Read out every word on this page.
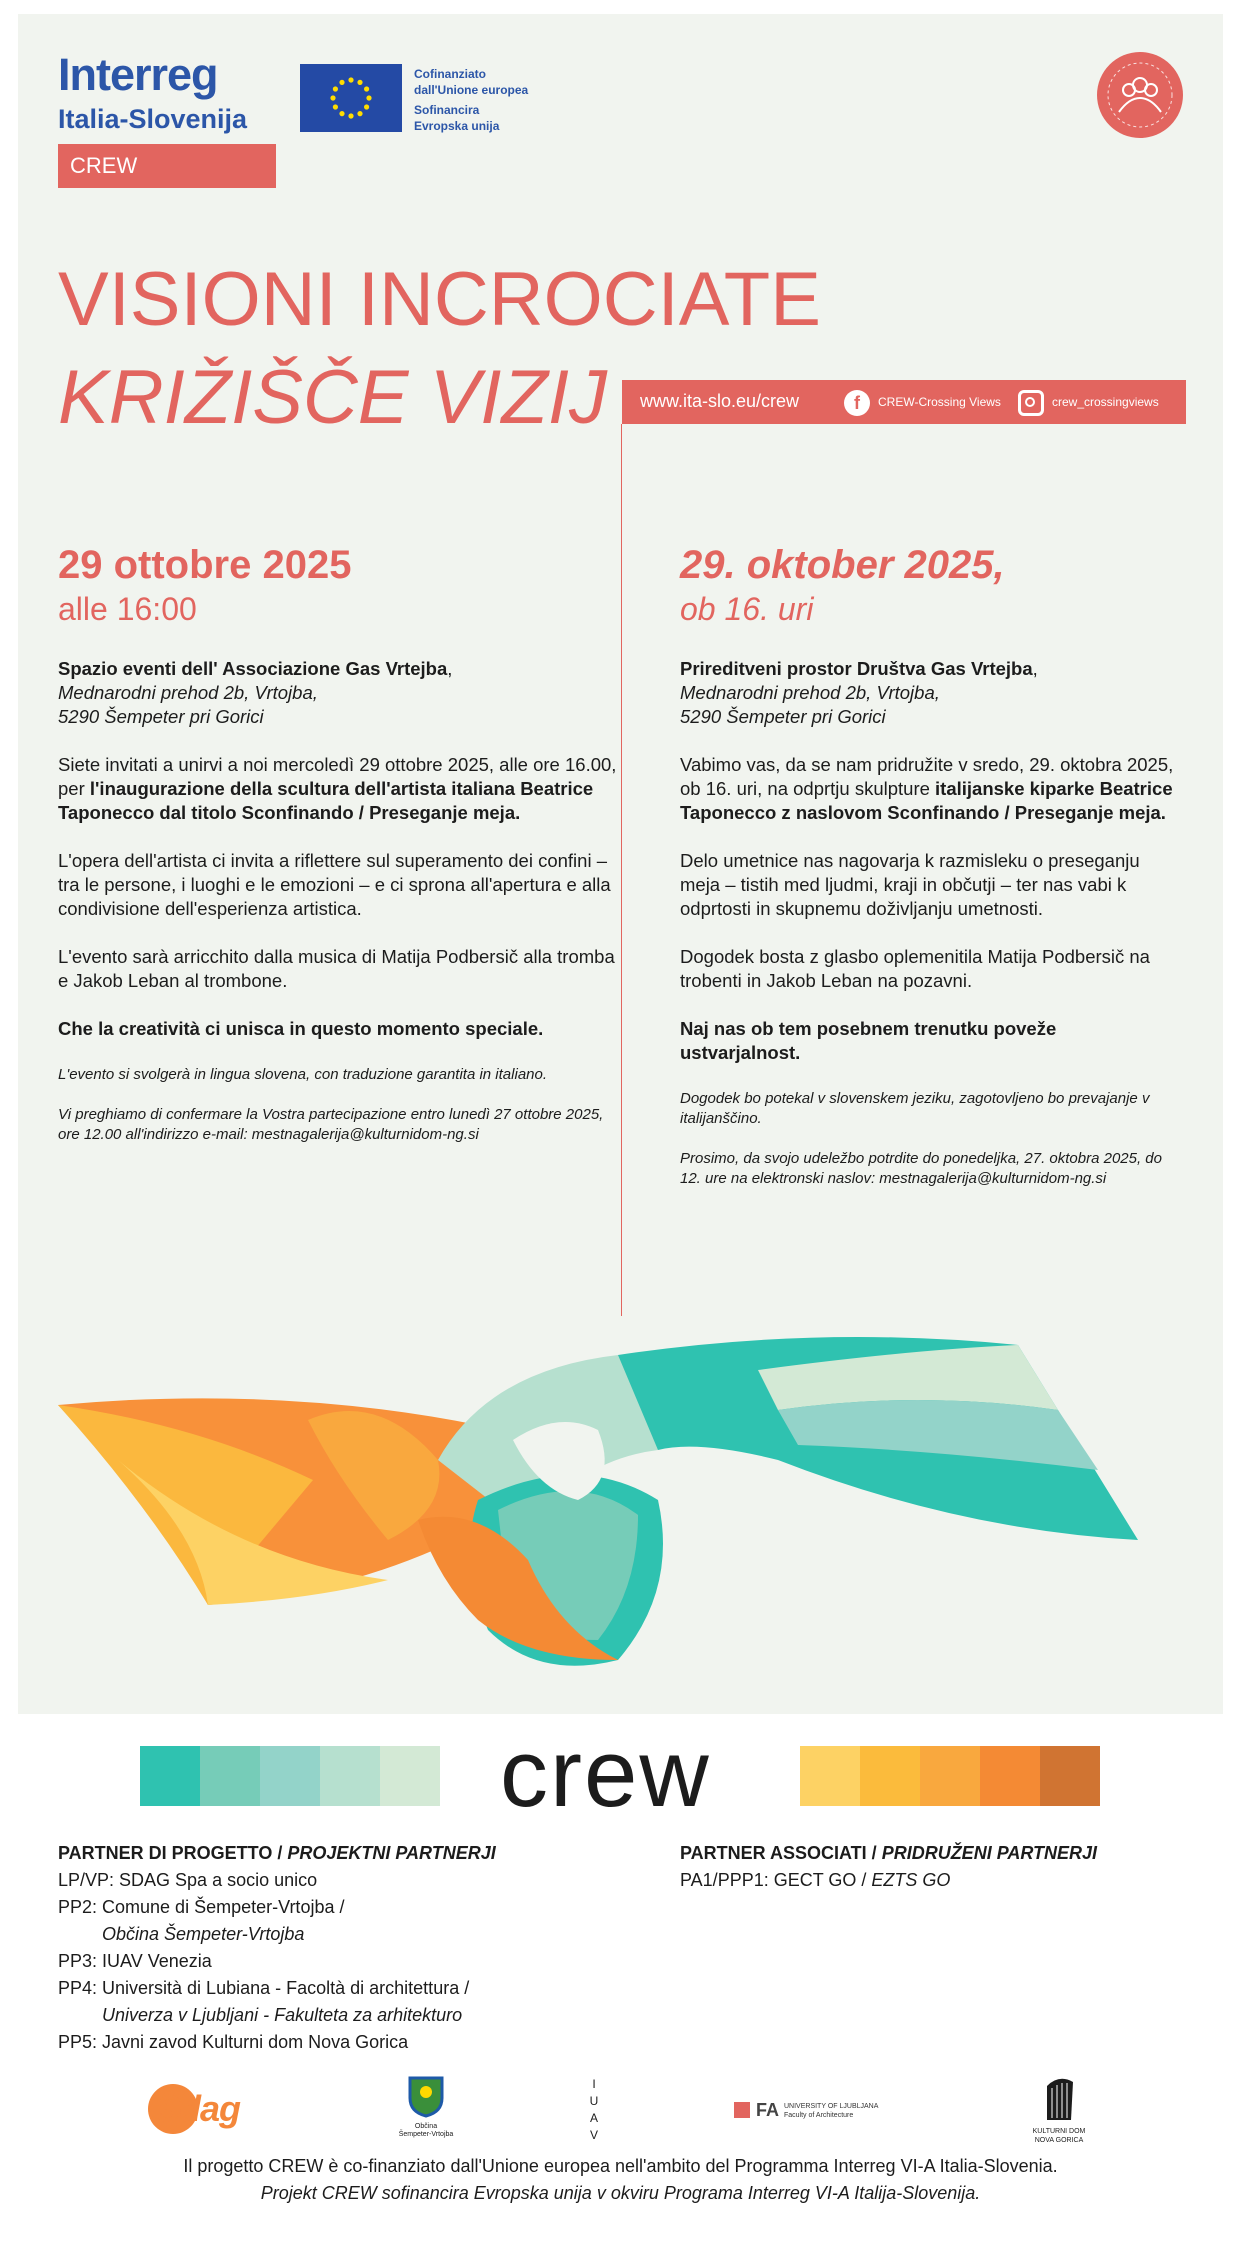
Interreg
Italia-Slovenija
CREW
Cofinanziato
dall'Unione europea
Sofinancira
Evropska unija
VISIONI INCROCIATE
KRIŽIŠČE VIZIJ www.ita-slo.eu/crew	f	CREW-Crossing Views	crew_crossingviews
29 ottobre 2025
alle 16:00

Spazio eventi dell' Associazione Gas Vrtejba,
Mednarodni prehod 2b, Vrtojba,
5290 Šempeter pri Gorici

Siete invitati a unirvi a noi mercoledì 29 ottobre 2025, alle ore 16.00, per l'inaugurazione della scultura dell'artista italiana Beatrice Taponecco dal titolo Sconfinando / Preseganje meja.

L'opera dell'artista ci invita a riflettere sul superamento dei confini – tra le persone, i luoghi e le emozioni – e ci sprona all'apertura e alla condivisione dell'esperienza artistica.

L'evento sarà arricchito dalla musica di Matija Podbersič alla tromba e Jakob Leban al trombone.

Che la creatività ci unisca in questo momento speciale.

L'evento si svolgerà in lingua slovena, con traduzione garantita in italiano.

Vi preghiamo di confermare la Vostra partecipazione entro lunedì 27 ottobre 2025, ore 12.00 all'indirizzo e-mail: mestnagalerija@kulturnidom-ng.si

29. oktober 2025,
ob 16. uri

Prireditveni prostor Društva Gas Vrtejba,
Mednarodni prehod 2b, Vrtojba,
5290 Šempeter pri Gorici

Vabimo vas, da se nam pridružite v sredo, 29. oktobra 2025, ob 16. uri, na odprtju skulpture italijanske kiparke Beatrice Taponecco z naslovom Sconfinando / Preseganje meja.

Delo umetnice nas nagovarja k razmisleku o preseganju meja – tistih med ljudmi, kraji in občutji – ter nas vabi k odprtosti in skupnemu doživljanju umetnosti.

Dogodek bosta z glasbo oplemenitila Matija Podbersič na trobenti in Jakob Leban na pozavni.

Naj nas ob tem posebnem trenutku poveže ustvarjalnost.

Dogodek bo potekal v slovenskem jeziku, zagotovljeno bo prevajanje v italijanščino.

Prosimo, da svojo udeležbo potrdite do ponedeljka, 27. oktobra 2025, do 12. ure na elektronski naslov: mestnagalerija@kulturnidom-ng.si

crew
PARTNER DI PROGETTO / PROJEKTNI PARTNERJI
LP/VP: SDAG Spa a socio unico
PP2: Comune di Šempeter-Vrtojba /
Občina Šempeter-Vrtojba
PP3: IUAV Venezia
PP4: Università di Lubiana - Facoltà di architettura /
Univerza v Ljubljani - Fakulteta za arhitekturo
PP5: Javni zavod Kulturni dom Nova Gorica
PARTNER ASSOCIATI / PRIDRUŽENI PARTNERJI
PA1/PPP1: GECT GO / EZTS GO
Sdag	Občina
Šempeter-Vrtojba
I U A V
FA UNIVERSITY OF LJUBLJANA
Faculty of Architecture
KULTURNI DOM
NOVA GORICA
Il progetto CREW è co-finanziato dall'Unione europea nell'ambito del Programma Interreg VI-A Italia-Slovenia.
Projekt CREW sofinancira Evropska unija v okviru Programa Interreg VI-A Italija-Slovenija.
